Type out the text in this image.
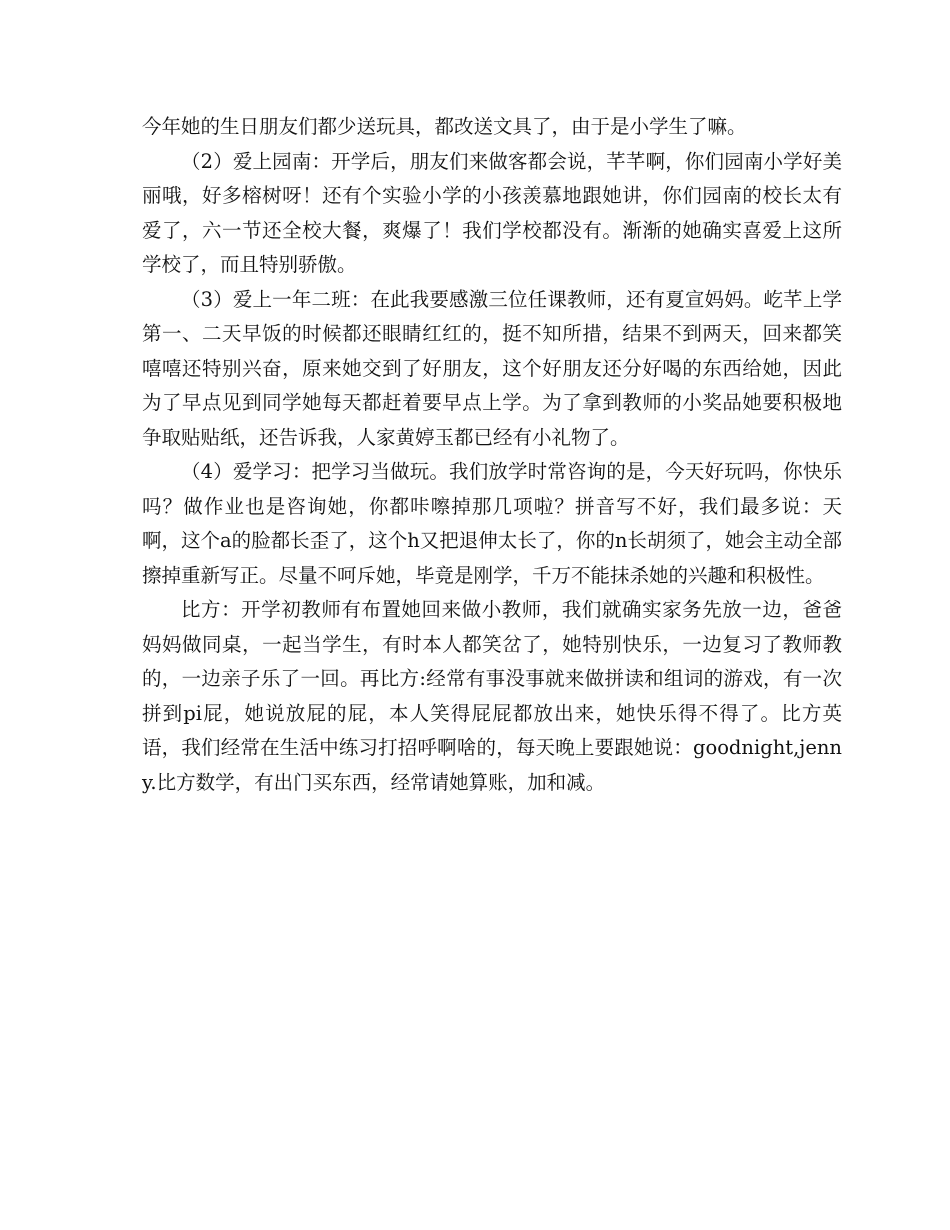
今年她的生日朋友们都少送玩具，都改送文具了，由于是小学生了嘛。

（2）爱上园南：开学后，朋友们来做客都会说，芊芊啊，你们园南小学好美丽哦，好多榕树呀！还有个实验小学的小孩羡慕地跟她讲，你们园南的校长太有爱了，六一节还全校大餐，爽爆了！我们学校都没有。渐渐的她确实喜爱上这所学校了，而且特别骄傲。

（3）爱上一年二班：在此我要感激三位任课教师，还有夏宣妈妈。屹芊上学第一、二天早饭的时候都还眼睛红红的，挺不知所措，结果不到两天，回来都笑嘻嘻还特别兴奋，原来她交到了好朋友，这个好朋友还分好喝的东西给她，因此为了早点见到同学她每天都赶着要早点上学。为了拿到教师的小奖品她要积极地争取贴贴纸，还告诉我，人家黄婷玉都已经有小礼物了。

（4）爱学习：把学习当做玩。我们放学时常咨询的是，今天好玩吗，你快乐吗？做作业也是咨询她，你都咔嚓掉那几项啦？拼音写不好，我们最多说：天啊，这个a的脸都长歪了，这个h又把退伸太长了，你的n长胡须了，她会主动全部擦掉重新写正。尽量不呵斥她，毕竟是刚学，千万不能抹杀她的兴趣和积极性。

比方：开学初教师有布置她回来做小教师，我们就确实家务先放一边，爸爸妈妈做同桌，一起当学生，有时本人都笑岔了，她特别快乐，一边复习了教师教的，一边亲子乐了一回。再比方:经常有事没事就来做拼读和组词的游戏，有一次拼到pi屁，她说放屁的屁，本人笑得屁屁都放出来，她快乐得不得了。比方英语，我们经常在生活中练习打招呼啊啥的，每天晚上要跟她说：goodnight,jenny.比方数学，有出门买东西，经常请她算账，加和减。
